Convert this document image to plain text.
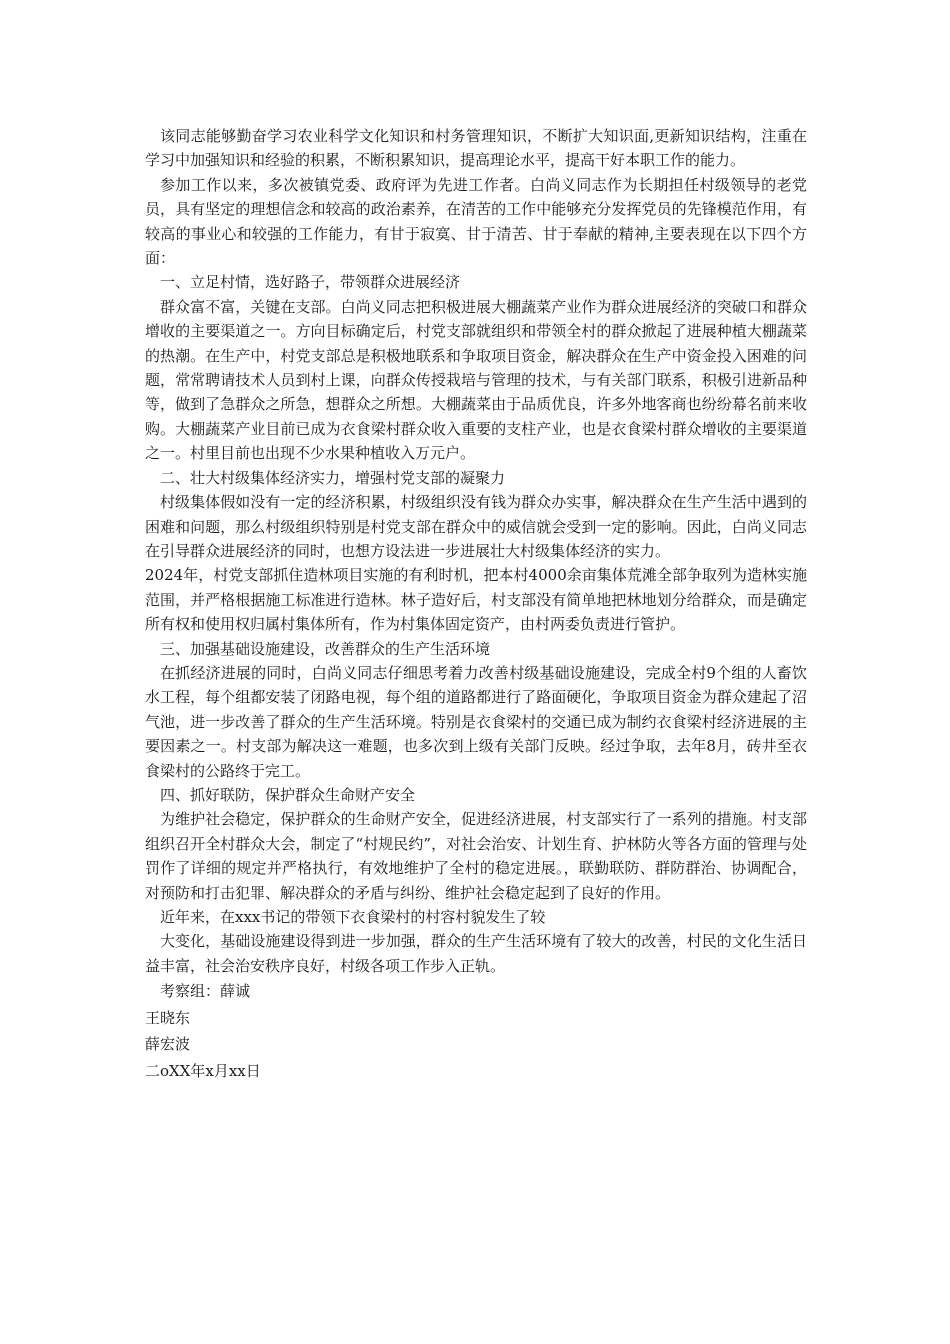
该同志能够勤奋学习农业科学文化知识和村务管理知识，不断扩大知识面,更新知识结构，注重在学习中加强知识和经验的积累，不断积累知识，提高理论水平，提高干好本职工作的能力。

参加工作以来，多次被镇党委、政府评为先进工作者。白尚义同志作为长期担任村级领导的老党员，具有坚定的理想信念和较高的政治素养，在清苦的工作中能够充分发挥党员的先锋模范作用，有较高的事业心和较强的工作能力，有甘于寂寞、甘于清苦、甘于奉献的精神,主要表现在以下四个方面：

一、立足村情，选好路子，带领群众进展经济

群众富不富，关键在支部。白尚义同志把积极进展大棚蔬菜产业作为群众进展经济的突破口和群众增收的主要渠道之一。方向目标确定后，村党支部就组织和带领全村的群众掀起了进展种植大棚蔬菜的热潮。在生产中，村党支部总是积极地联系和争取项目资金，解决群众在生产中资金投入困难的问题，常常聘请技术人员到村上课，向群众传授栽培与管理的技术，与有关部门联系，积极引进新品种等，做到了急群众之所急，想群众之所想。大棚蔬菜由于品质优良，许多外地客商也纷纷幕名前来收购。大棚蔬菜产业目前已成为衣食梁村群众收入重要的支柱产业，也是衣食梁村群众增收的主要渠道之一。村里目前也出现不少水果种植收入万元户。

二、壮大村级集体经济实力，增强村党支部的凝聚力

村级集体假如没有一定的经济积累，村级组织没有钱为群众办实事，解决群众在生产生活中遇到的困难和问题，那么村级组织特别是村党支部在群众中的威信就会受到一定的影响。因此，白尚义同志在引导群众进展经济的同时，也想方设法进一步进展壮大村级集体经济的实力。

2024年，村党支部抓住造林项目实施的有利时机，把本村4000余亩集体荒滩全部争取列为造林实施范围，并严格根据施工标准进行造林。林子造好后，村支部没有简单地把林地划分给群众，而是确定所有权和使用权归属村集体所有，作为村集体固定资产，由村两委负责进行管护。

三、加强基础设施建设，改善群众的生产生活环境

在抓经济进展的同时，白尚义同志仔细思考着力改善村级基础设施建设，完成全村9个组的人畜饮水工程，每个组都安装了闭路电视，每个组的道路都进行了路面硬化，争取项目资金为群众建起了沼气池，进一步改善了群众的生产生活环境。特别是衣食梁村的交通已成为制约衣食梁村经济进展的主要因素之一。村支部为解决这一难题，也多次到上级有关部门反映。经过争取，去年8月，砖井至衣食梁村的公路终于完工。

四、抓好联防，保护群众生命财产安全

为维护社会稳定，保护群众的生命财产安全，促进经济进展，村支部实行了一系列的措施。村支部组织召开全村群众大会，制定了“村规民约”，对社会治安、计划生育、护林防火等各方面的管理与处罚作了详细的规定并严格执行，有效地维护了全村的稳定进展。，联勤联防、群防群治、协调配合，对预防和打击犯罪、解决群众的矛盾与纠纷、维护社会稳定起到了良好的作用。

近年来，在xxx书记的带领下衣食梁村的村容村貌发生了较

大变化，基础设施建设得到进一步加强，群众的生产生活环境有了较大的改善，村民的文化生活日益丰富，社会治安秩序良好，村级各项工作步入正轨。

考察组：薛诚

王晓东

薛宏波

二oXX年x月xx日
